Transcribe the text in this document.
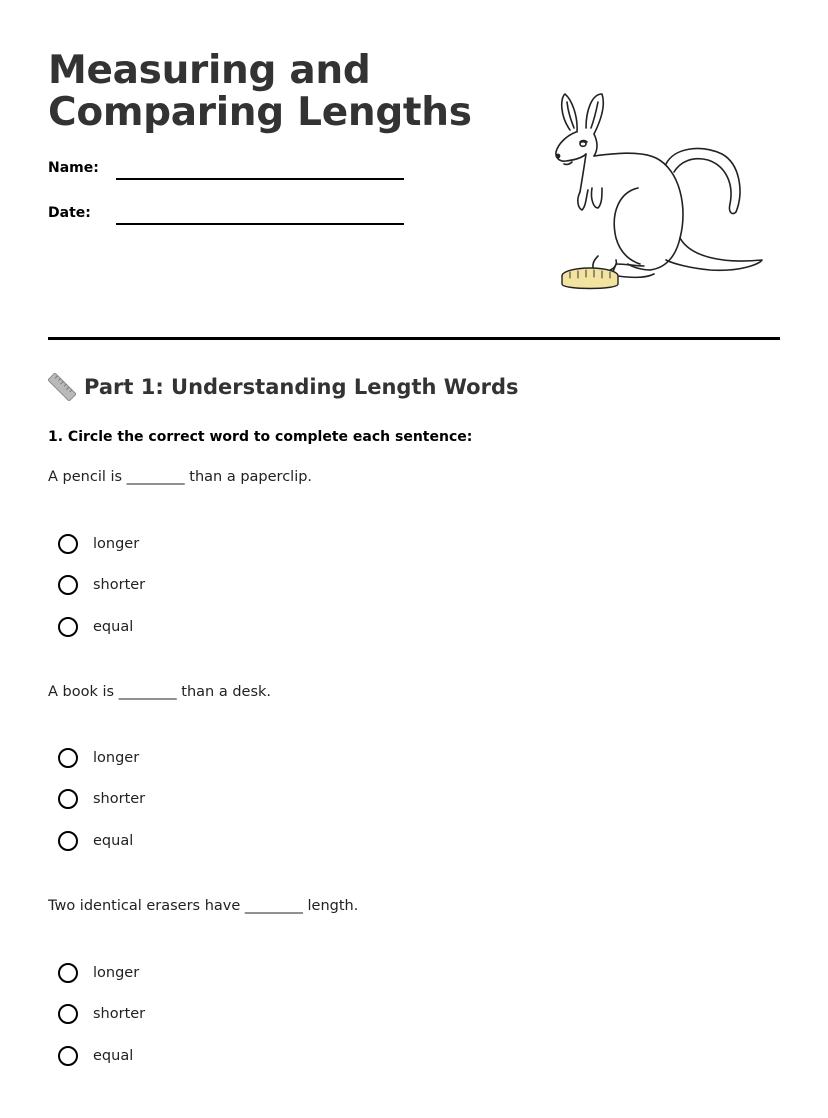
Measuring and
Comparing Lengths
Name:
Date:
Part 1: Understanding Length Words

1. Circle the correct word to complete each sentence:

A pencil is ________ than a paperclip.

longer
shorter
equal

A book is ________ than a desk.

longer
shorter
equal

Two identical erasers have ________ length.

longer
shorter
equal
